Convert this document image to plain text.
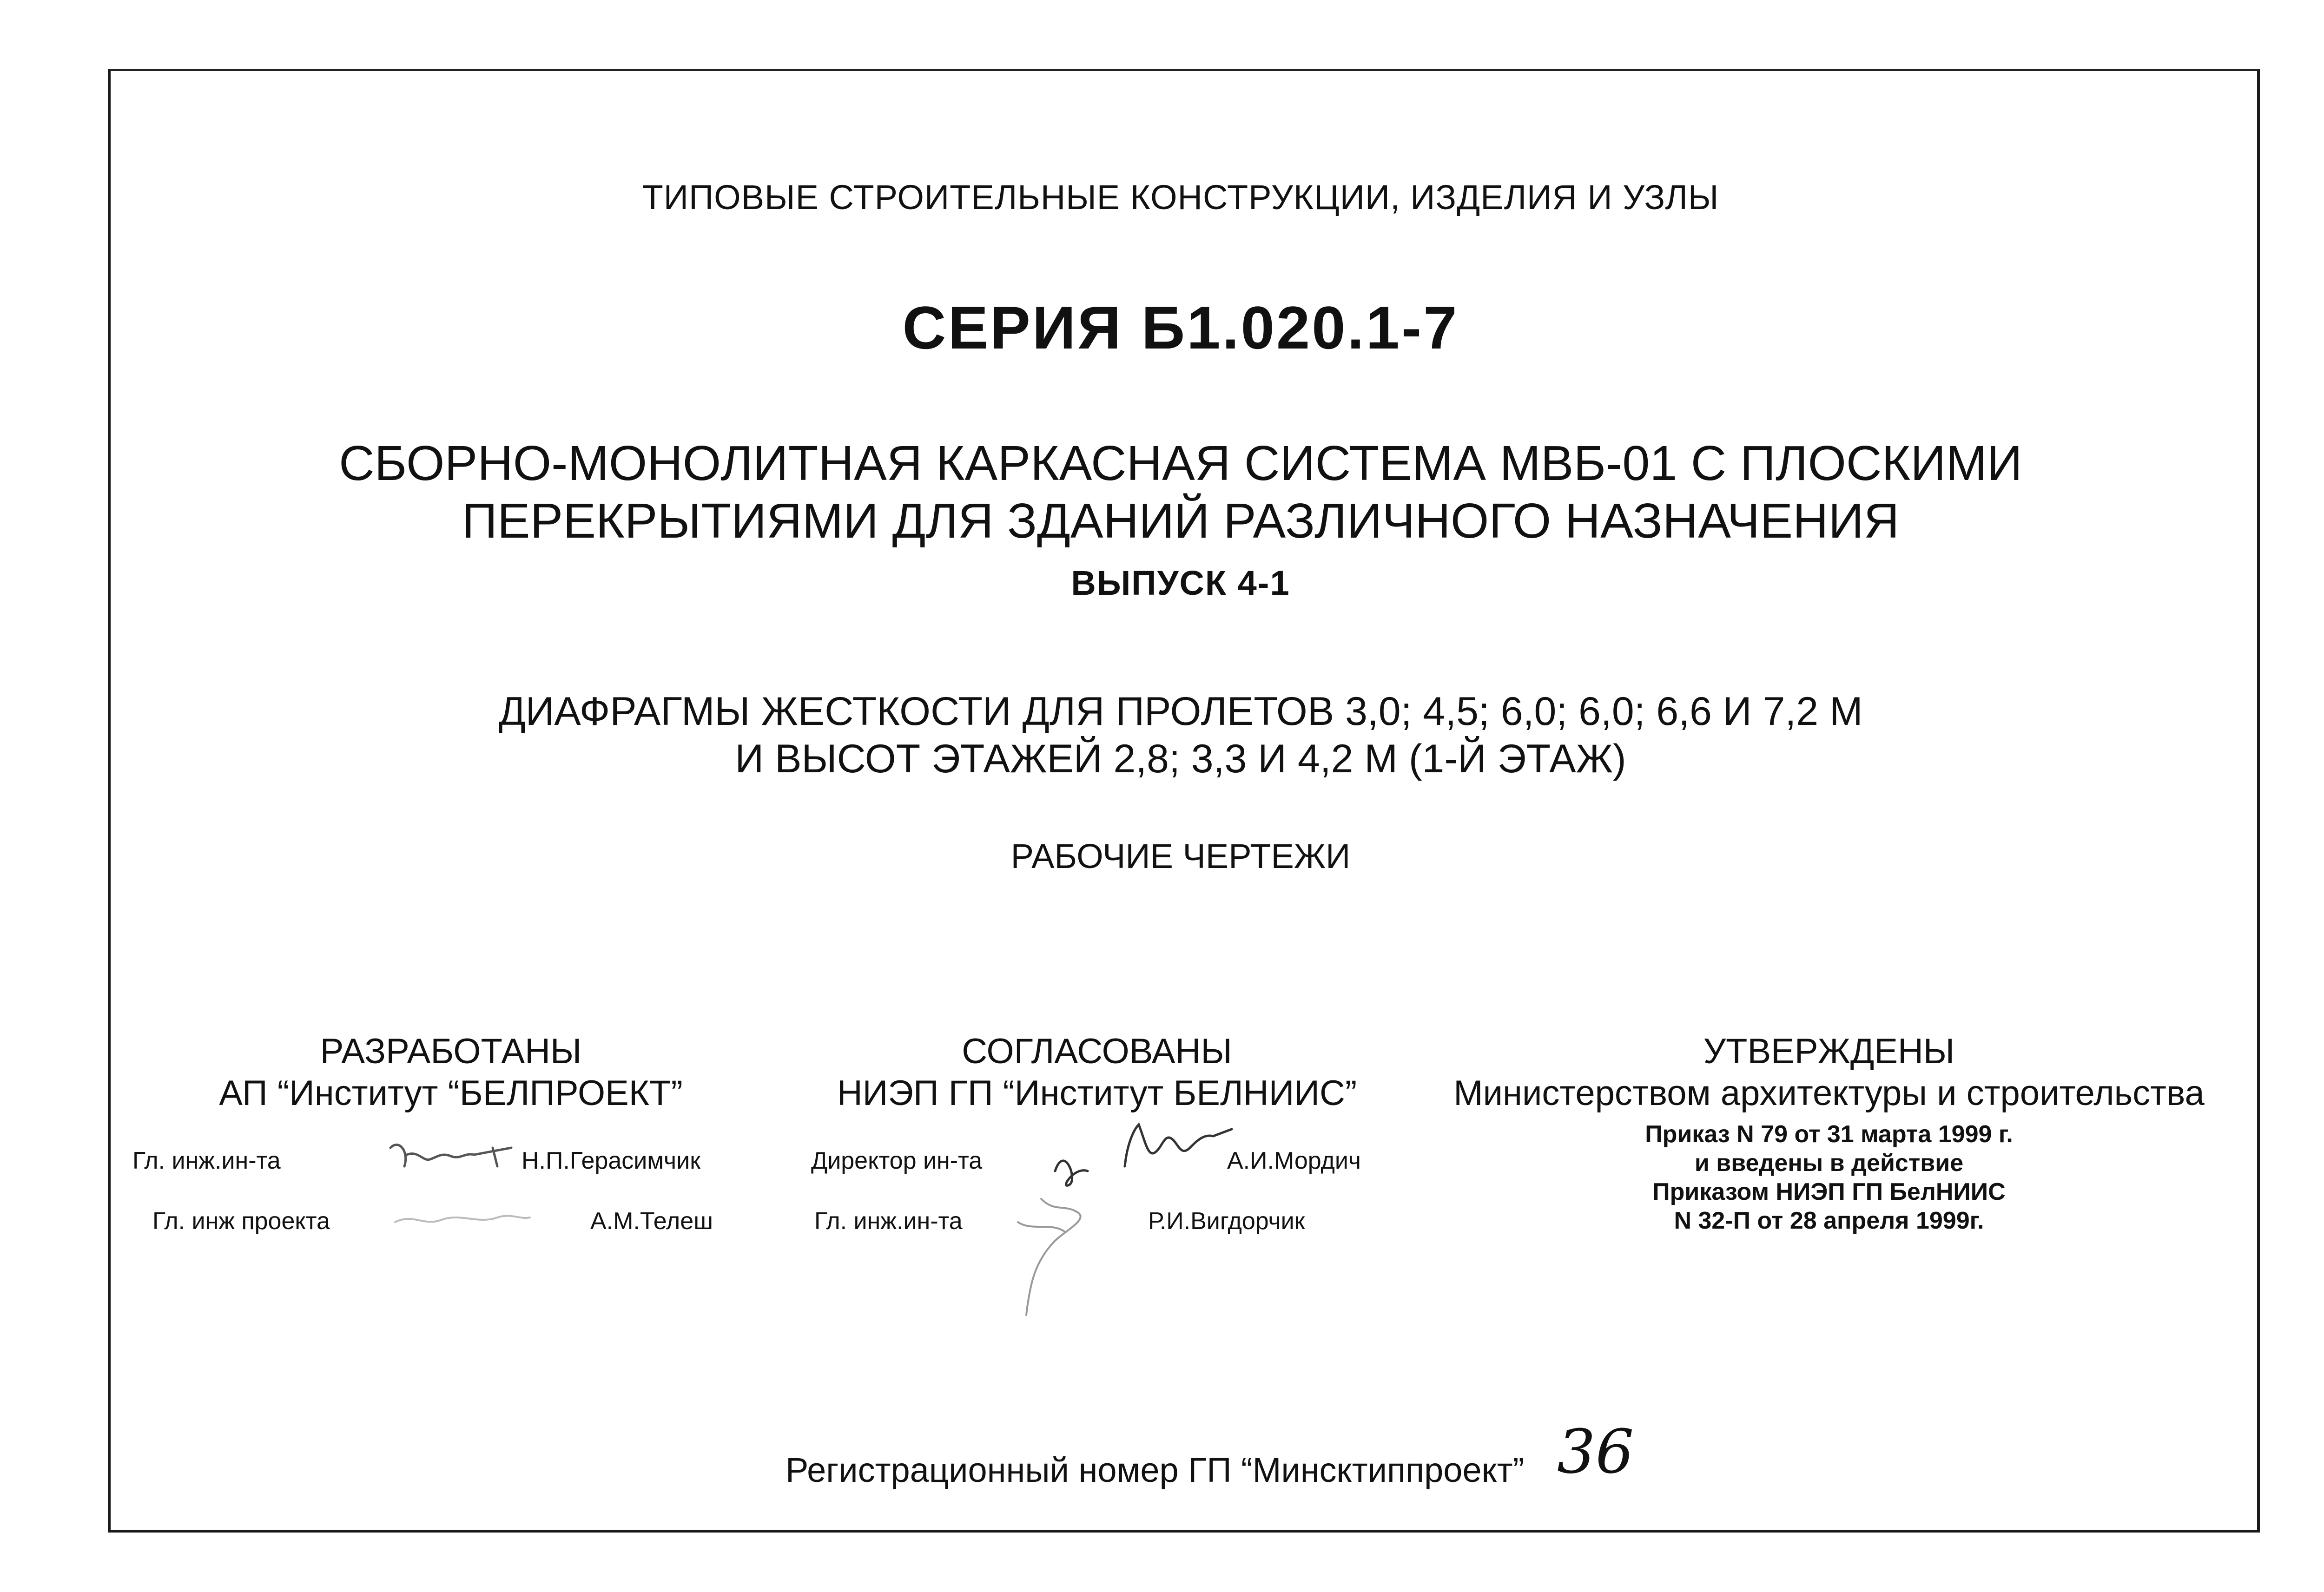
ТИПОВЫЕ СТРОИТЕЛЬНЫЕ КОНСТРУКЦИИ, ИЗДЕЛИЯ И УЗЛЫ
СЕРИЯ Б1.020.1-7
СБОРНО-МОНОЛИТНАЯ КАРКАСНАЯ СИСТЕМА МВБ-01 С ПЛОСКИМИ
ПЕРЕКРЫТИЯМИ ДЛЯ ЗДАНИЙ РАЗЛИЧНОГО НАЗНАЧЕНИЯ
ВЫПУСК 4-1
ДИАФРАГМЫ ЖЕСТКОСТИ ДЛЯ ПРОЛЕТОВ 3,0; 4,5; 6,0; 6,0; 6,6 И 7,2 М
И ВЫСОТ ЭТАЖЕЙ 2,8; 3,3 И 4,2 М (1-Й ЭТАЖ)
РАБОЧИЕ ЧЕРТЕЖИ
РАЗРАБОТАНЫ
АП “Институт “БЕЛПРОЕКТ”
Гл. инж.ин-та	Н.П.Герасимчик
Гл. инж проекта	А.М.Телеш
СОГЛАСОВАНЫ
НИЭП ГП “Институт БЕЛНИИС”
Директор ин-та	А.И.Мордич
Гл. инж.ин-та	Р.И.Вигдорчик
УТВЕРЖДЕНЫ
Министерством архитектуры и строительства
Приказ N 79 от 31 марта 1999 г.
и введены в действие
Приказом НИЭП ГП БелНИИС
N 32-П от 28 апреля 1999г.
Регистрационный номер ГП “Минсктиппроект” 36
